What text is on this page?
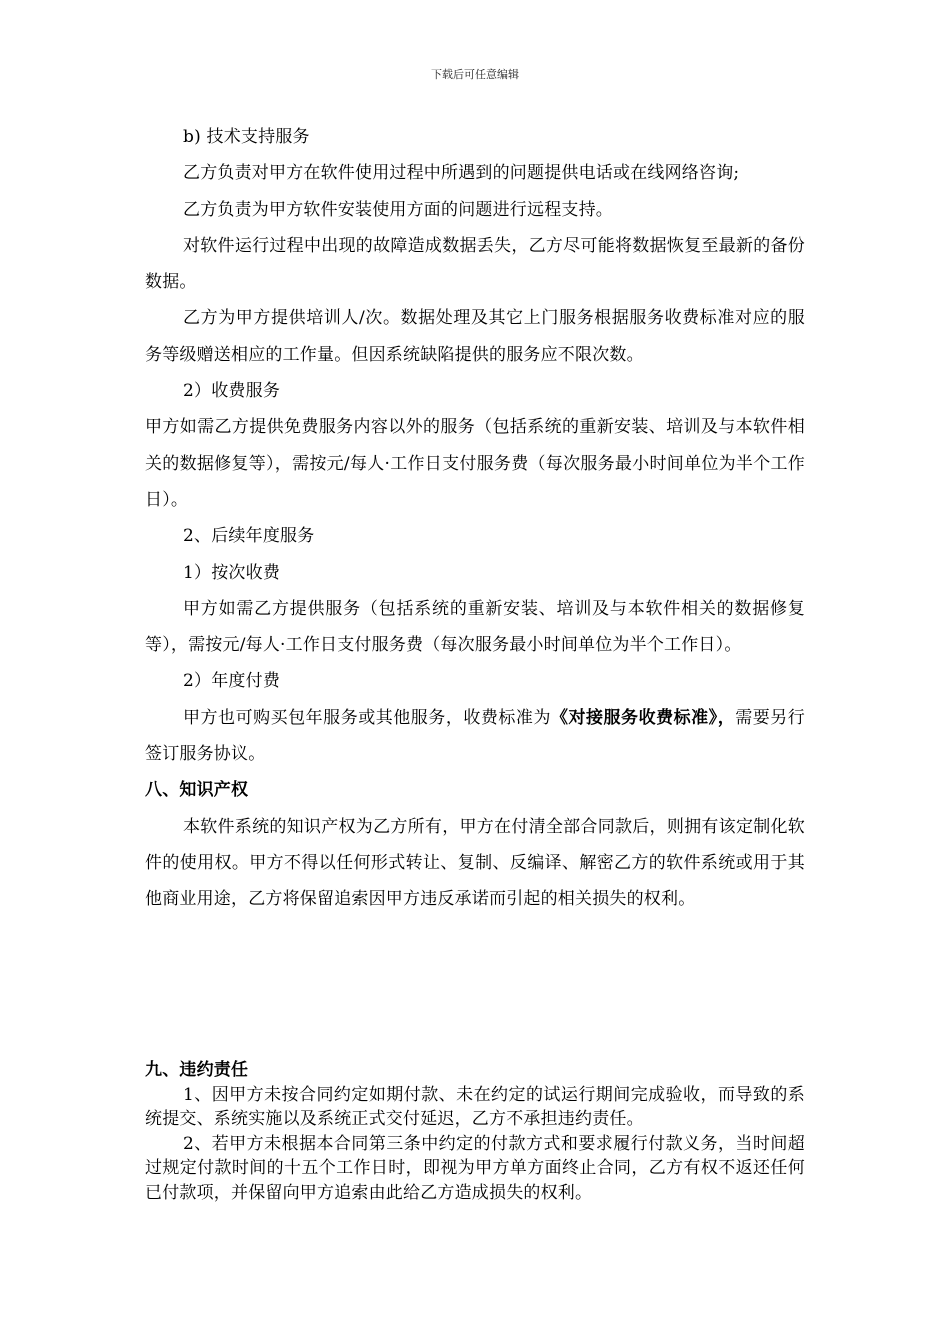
下载后可任意编辑

b) 技术支持服务

乙方负责对甲方在软件使用过程中所遇到的问题提供电话或在线网络咨询;

乙方负责为甲方软件安装使用方面的问题进行远程支持。

对软件运行过程中出现的故障造成数据丢失，乙方尽可能将数据恢复至最新的备份数据。

乙方为甲方提供培训人/次。数据处理及其它上门服务根据服务收费标准对应的服务等级赠送相应的工作量。但因系统缺陷提供的服务应不限次数。

2）收费服务

甲方如需乙方提供免费服务内容以外的服务（包括系统的重新安装、培训及与本软件相关的数据修复等），需按元/每人·工作日支付服务费（每次服务最小时间单位为半个工作日）。

2、后续年度服务

1）按次收费

甲方如需乙方提供服务（包括系统的重新安装、培训及与本软件相关的数据修复等），需按元/每人·工作日支付服务费（每次服务最小时间单位为半个工作日）。

2）年度付费

甲方也可购买包年服务或其他服务，收费标准为《对接服务收费标准》，需要另行签订服务协议。

八、知识产权

本软件系统的知识产权为乙方所有，甲方在付清全部合同款后，则拥有该定制化软件的使用权。甲方不得以任何形式转让、复制、反编译、解密乙方的软件系统或用于其他商业用途，乙方将保留追索因甲方违反承诺而引起的相关损失的权利。

九、违约责任

1、因甲方未按合同约定如期付款、未在约定的试运行期间完成验收，而导致的系统提交、系统实施以及系统正式交付延迟，乙方不承担违约责任。

2、若甲方未根据本合同第三条中约定的付款方式和要求履行付款义务，当时间超过规定付款时间的十五个工作日时，即视为甲方单方面终止合同，乙方有权不返还任何已付款项，并保留向甲方追索由此给乙方造成损失的权利。
